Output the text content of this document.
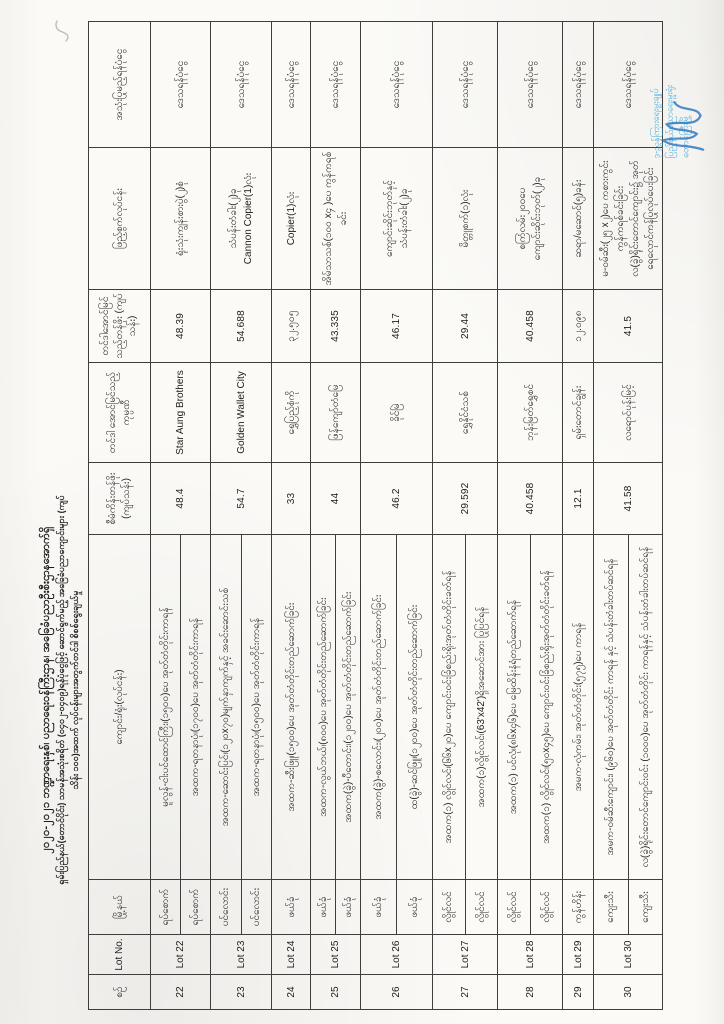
၂၀၂၀-၂၀၂၁ ဘဏ္ဍာရေးနှစ်၊ ပညာရေးဝန်ကြီးဌာန၊ အခြေခံပညာဦးစီးဌာနအောက်ရှိ ရှမ်းပြည်နယ်(တောင်ပိုင်း) သာမန်အသုံးစရိတ် (၀၄၀၂-၀၄၀၉)ရန်ပုံငွေဖြင့် ဆောင်ရွက်မည့် အခြေခံပညာကျောင်းများ (ကျပ်သိန်း ၁၀၀)အထက် လုပ်ငန်းများအတွက်တင်ဒါ စိစစ်ရွေးချယ်မှု
စဉ်	Lot No.	မြို့နယ်	ကျောင်း/ရုံး(လုပ်ငန်း)	စီမံကိန်းတန်ဖိုး (ကျပ်သန်း)	တင်ဒါ အောင်မြင်သည့်ကုမ္ပဏီ	တင်ဒါအောင်မြင် သည့်တန်ဖိုး (ကျပ်သန်း)	ဖြည့်စွက်လုပ်ငန်း	အသုံးပြုမည့်ရန်ပုံငွေ
22	Lot 22	ရပ်စောက်	မူလွန်-ငါးပင်ထောင်ကြီး၊(၁၅၀၀)ပေ အုတ်တံတိုင်းကာရန်	48.4	Star Aung Brothers	48.39	ရုံးသုံးကျွန်းစားပွဲ(၂)စုံ	ဒေသရန်ပုံငွေ
		ရပ်စောက်	အထက-ရတနာပုံ၊(၁၇၀၀)ပေ အုတ်တံတိုင်းကာရန်					
23	Lot 23	ပင်လောင်း	အထက-ဆောင်းပြင်၊(၁၂၀x၇၀)မျက်နှာကျက်နှင့် အခင်းဆောင်းသစ်	54.7	Golden Wallet City	54.688	သံပန်းတံခါး(၂)ခု Cannon Copier(1)လုံး	ဒေသရန်ပုံငွေ
		ပင်လောင်း	အထက-ရတနာပုံ၊(၁၅၀၀)ပေ အုတ်တံတိုင်းကာရန်					
24	Lot 24	ဖယ်ခုံ	အထက-ဆီးဖြူ၊(၁၅၀၀)ပေ အုတ်တံတိုင်းတည်ဆောက်ခြင်း	33	ရွှေပြည့်စုံကို	၃၂.၅၀၅	Copier(1)လုံး	ဒေသရန်ပုံငွေ
25	Lot 25	ဖယ်ခုံ	အထက-လွယ်ဘယ်၊(၈၀၀)ပေ အုတ်တံတိုင်းတည်ဆောက်ခြင်း	44	ဖြန်ကျော်တံမြေ	43.335	အိမ်သာသစ်(၁၀၀ x၄ )ပေ ကွန်ကရစ်ခင်း	ဒေသရန်ပုံငွေ
		ဖယ်ခုံ	အထက(ခွဲ)-ပီတောင်း၊(၁၂၀၀)ပေ အုတ်တံတိုင်းတည်ဆောက်ခြင်း					
26	Lot 26	ဖယ်ခုံ	အထက(ခွဲ)-စလောင်း၊(၂၀၀)ပေ အုတ်တံတိုင်းတည်ဆောက်ခြင်း	46.2	ခိုင်မြဲ	46.17	ကျောင်းဆိုင်းဘုတ်နှင့် သံပန်းတံခါး(၂)ခု	ဒေသရန်ပုံငွေ
		ဖယ်ခုံ	ထ(ခွဲ)-ဆင်ဖြူ၊(၁၂၀၀)ပေ အုတ်တံတိုင်းတည်ဆောက်ခြင်း					
27	Lot 27	လွိုင်လင်	အထက(၁) လွိုင်လင်၊(၆၆x၂၀)ပေ ကျောင်းဝင်းခြံစည်းရိုးအုတ်တံတိုင်းခတ်ရန်	29.592	ရွှေနိုင်ငံသစ်	29.44	မိတ္တူစက်(၁)လုံး	ဒေသရန်ပုံငွေ
		လွိုင်လင်	အထက(၁)လွိုင်လင်၊(63'x42')ရှိအဆောင်အား ပြုပြင်ရန်					
28	Lot 28	လွိုင်လင်	အထက(၁) ပင်လုံ၊(၈၆x၄၆)ပေ မြေထိန်းနံရံတည်ဆောက်ရန်	40.458	ဘုန်းမြတ်ရွှေစင်	40.458	စကြံလမ်း၂၀၀ပေ ကျောင်းဆိုင်းဘုတ်(၂)ခု	ဒေသရန်ပုံငွေ
		လွိုင်လင်	အထက(၁) လွိုင်လင်၊(၅၀x၄၅)ပေ ကျောင်းဝင်းခြံစည်းရိုးအုတ်တံတိုင်းခတ်ရန်					
29	Lot 29	ကွန်ဟိန်း	အမက-လုံကမ်း၊ အုတ်တံတိုင်း(၅၇၅)ပေ ကာရန်	12.1	ရှမ်းတောင်ချွန်း	၁၂.၀၉၈	ဆရာ/မဆောင်(၅)ခန်း	ဒေသရန်ပုံငွေ
30	Lot 30	ကျေးသီး	အမက-ဝမ်ဆီးကျောင်း၊ (၉၆၀)ပေ အုတ်တံတိုင်း ကာရန် နှင့် သံပန်းတံခါးတပ်ဆင်ရန်	41.58	လရောင်ပုန်းမြင့်	41.5	မ-ဝမ်ဆီး(၂၅ x၂)ပေ ကစားကွင်း ကွန်ကရစ်ခင်းခြင်း လ(ခွဲ)ရိုင်းတောင်ကျောင်း၌ အုတ်ရေလှောင်ကန်ပြုလုပ်ပေးခြင်း	ဒေသရန်ပုံငွေ
		ကျေးသီး	လ(ခွဲ)ရိုင်းတောင်ကျောင်းဝင်း (၁၀၀၀)ပေ အုတ်တံတိုင်း ကာရန်နှင့် သံပန်းတံခါးတပ်ဆင်ရန်					
ဒု-ညွှန်ကြားရေးမှူးချုပ် ပြည်နယ်ပညာရေးမှူးရုံး တောင်ကြီးမြို့
